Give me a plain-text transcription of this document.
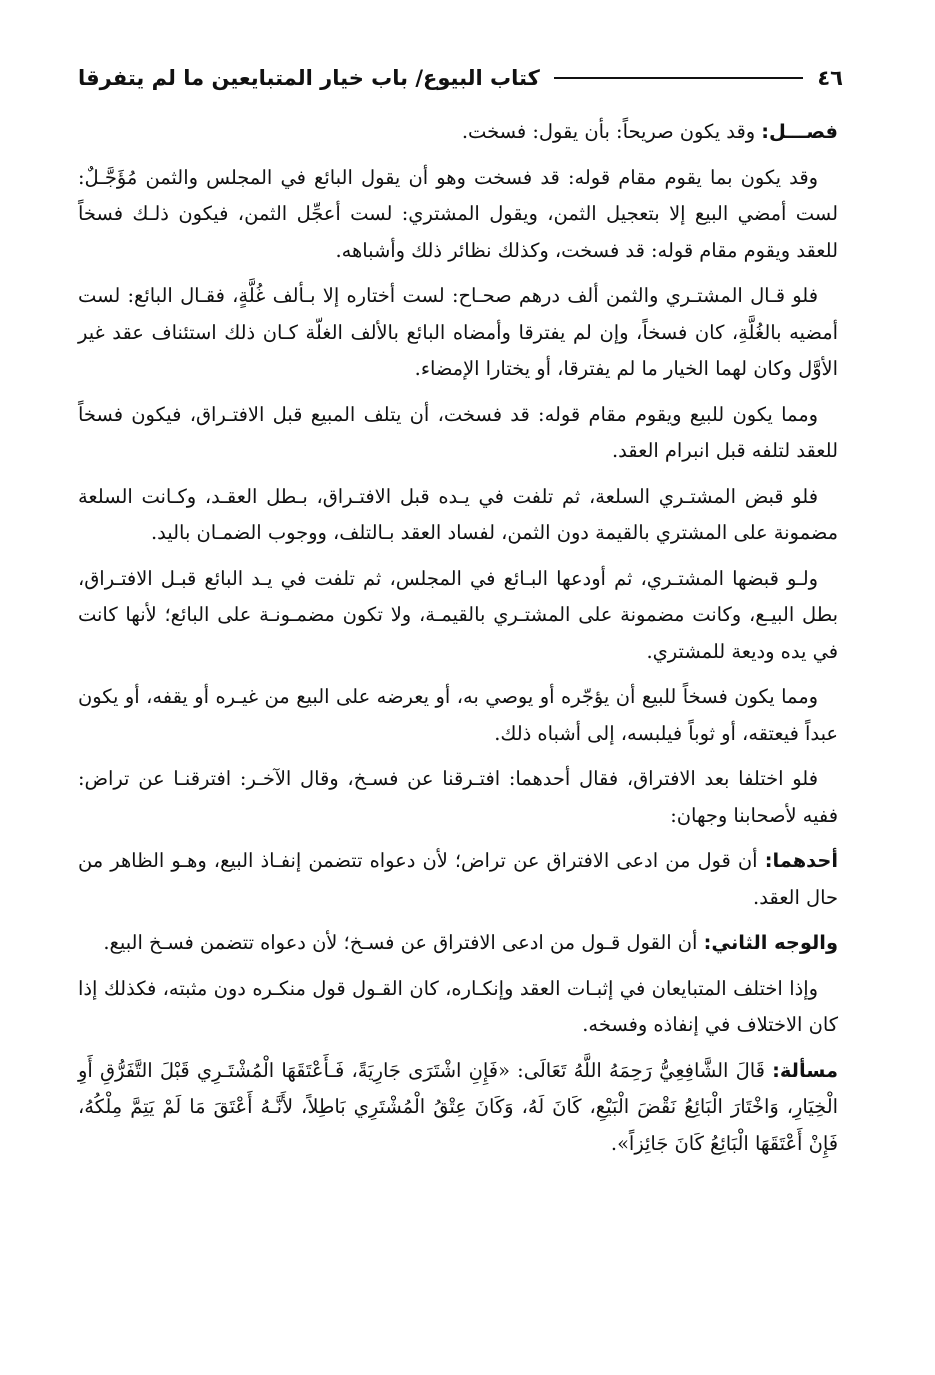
٤٦
كتاب البيوع/ باب خيار المتبايعين ما لم يتفرقا

فصـــل: وقد يكون صريحاً: بأن يقول: فسخت.

وقد يكون بما يقوم مقام قوله: قد فسخت وهو أن يقول البائع في المجلس والثمن مُؤَجَّـلٌ: لست أمضي البيع إلا بتعجيل الثمن، ويقول المشتري: لست أعجِّل الثمن، فيكون ذلـك فسخاً للعقد ويقوم مقام قوله: قد فسخت، وكذلك نظائر ذلك وأشباهه.

فلو قـال المشتـري والثمن ألف درهم صحـاح: لست أختاره إلا بـألف غُلَّةٍ، فقـال البائع: لست أمضيه بالغُلَّةِ، كان فسخاً، وإن لم يفترقا وأمضاه البائع بالألف الغلّة كـان ذلك استئناف عقد غير الأوَّل وكان لهما الخيار ما لم يفترقا، أو يختارا الإمضاء.

ومما يكون للبيع ويقوم مقام قوله: قد فسخت، أن يتلف المبيع قبل الافتـراق، فيكون فسخاً للعقد لتلفه قبل انبرام العقد.

فلو قبض المشتـري السلعة، ثم تلفت في يـده قبل الافتـراق، بـطل العقـد، وكـانت السلعة مضمونة على المشتري بالقيمة دون الثمن، لفساد العقد بـالتلف، ووجوب الضمـان باليد.

ولـو قبضها المشتـري، ثم أودعها البـائع في المجلس، ثم تلفت في يـد البائع قبـل الافتـراق، بطل البيـع، وكانت مضمونة على المشتـري بالقيمـة، ولا تكون مضمـونـة على البائع؛ لأنها كانت في يده وديعة للمشتري.

ومما يكون فسخاً للبيع أن يؤجّره أو يوصي به، أو يعرضه على البيع من غيـره أو يقفه، أو يكون عبداً فيعتقه، أو ثوباً فيلبسه، إلى أشباه ذلك.

فلو اختلفا بعد الافتراق، فقال أحدهما: افتـرقنا عن فسـخ، وقال الآخـر: افترقنـا عن تراض: ففيه لأصحابنا وجهان:

أحدهما: أن قول من ادعى الافتراق عن تراض؛ لأن دعواه تتضمن إنفـاذ البيع، وهـو الظاهر من حال العقد.

والوجه الثاني: أن القول قـول من ادعى الافتراق عن فسـخ؛ لأن دعواه تتضمن فسـخ البيع.

وإذا اختلف المتبايعان في إثبـات العقد وإنكـاره، كان القـول قول منكـره دون مثبته، فكذلك إذا كان الاختلاف في إنفاذه وفسخه.

مسألة: قَالَ الشَّافِعِيُّ رَحِمَهُ اللَّهُ تَعَالَى: «فَإِنِ اشْتَرَى جَارِيَةً، فَـأَعْتَقَهَا الْمُشْتَـرِي قَبْلَ التَّفَرُّقِ أَوِ الْخِيَارِ، وَاخْتَارَ الْبَائِعُ نَقْضَ الْبَيْعِ، كَانَ لَهُ، وَكَانَ عِتْقُ الْمُشْتَرِي بَاطِلاً، لأَنَّـهُ أَعْتَقَ مَا لَمْ يَتِمَّ مِلْكُهُ، فَإِنْ أَعْتَقَهَا الْبَائِعُ كَانَ جَائِزاً».
